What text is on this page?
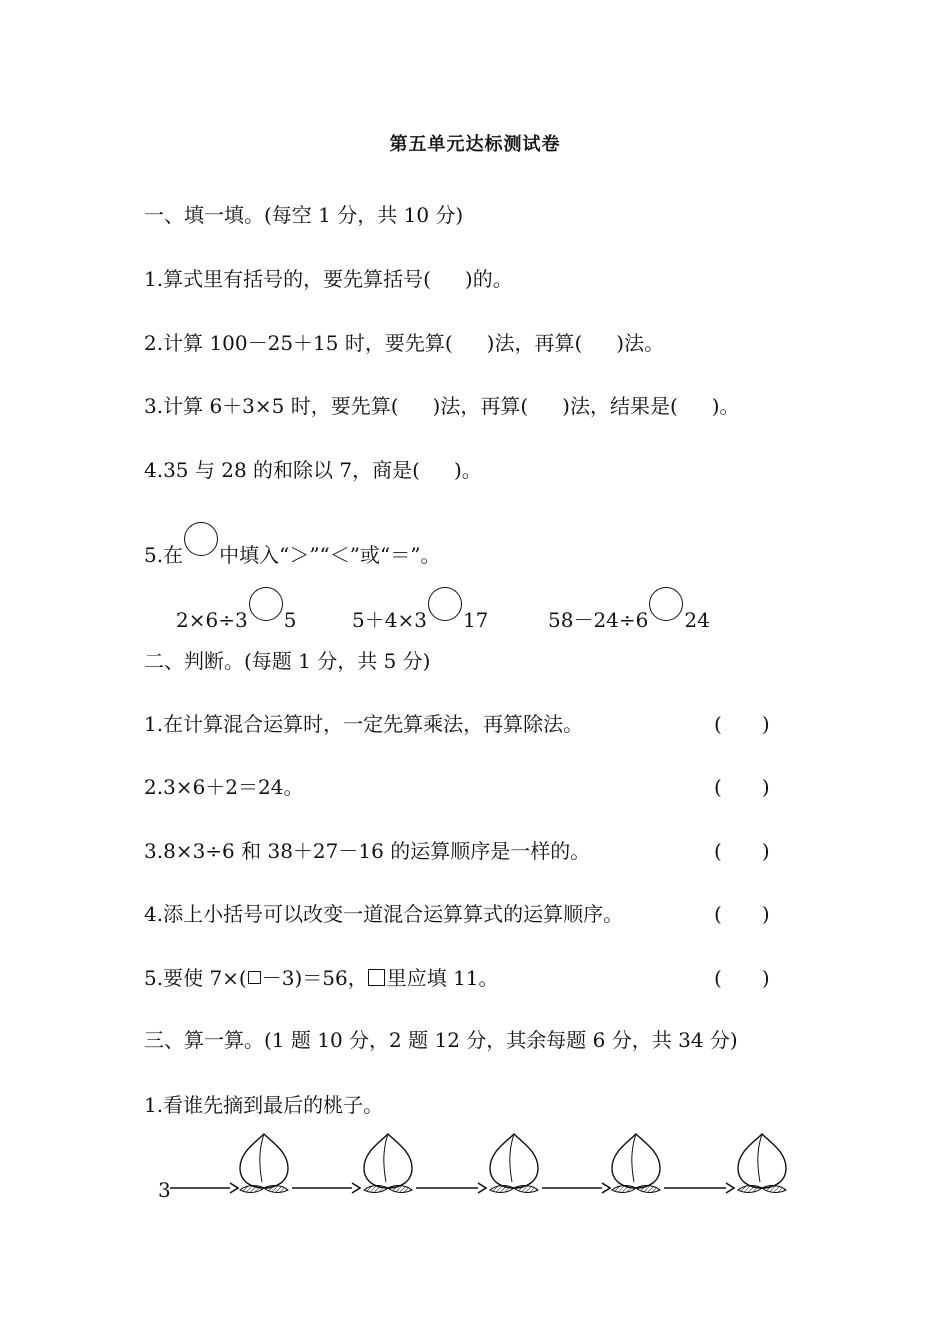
第五单元达标测试卷
一、填一填。(每空 1 分，共 10 分)
1.算式里有括号的，要先算括号( )的。
2.计算 100－25＋15 时，要先算( )法，再算( )法。
3.计算 6＋3×5 时，要先算( )法，再算( )法，结果是( )。
4.35 与 28 的和除以 7，商是( )。
5.在 中填入“＞”“＜”或“＝”。
2×6÷3 5	5＋4×3 17	58－24÷6 24
二、判断。(每题 1 分，共 5 分)
1.在计算混合运算时，一定先算乘法，再算除法。	( )
2.3×6＋2＝24。	( )
3.8×3÷6 和 38＋27－16 的运算顺序是一样的。	( )
4.添上小括号可以改变一道混合运算算式的运算顺序。	( )
5.要使 7×( －3)＝56， 里应填 11。	( )
三、算一算。(1 题 10 分，2 题 12 分，其余每题 6 分，共 34 分)
1.看谁先摘到最后的桃子。
3
